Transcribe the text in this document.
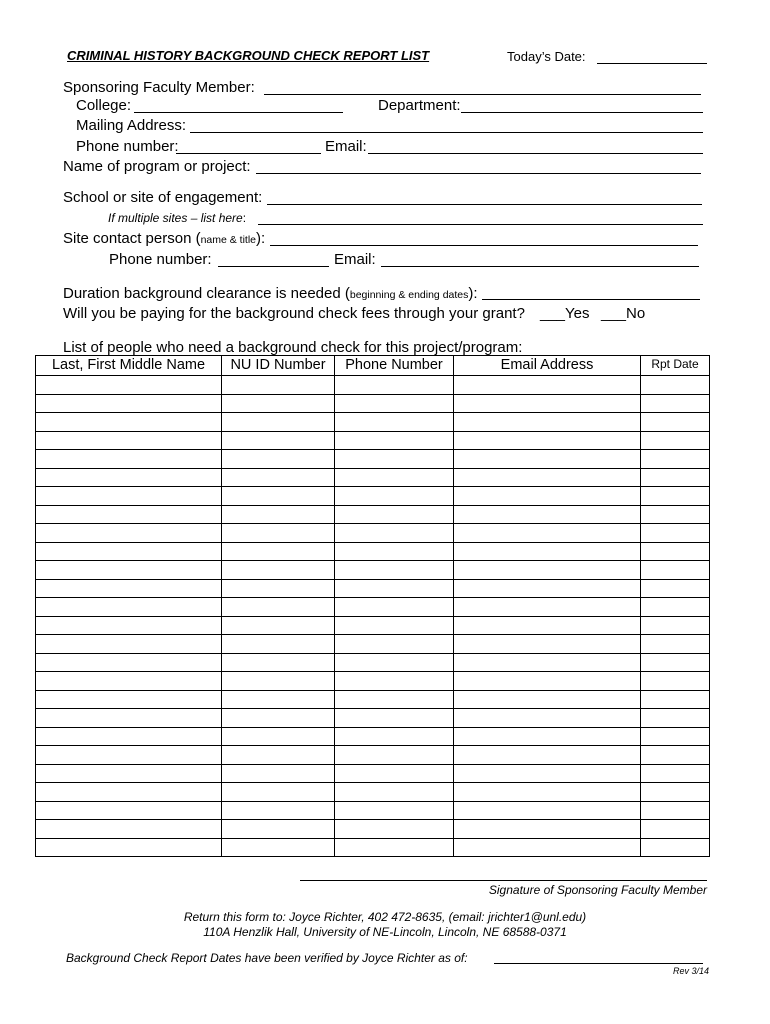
CRIMINAL HISTORY BACKGROUND CHECK REPORT LIST	Today’s Date:
Sponsoring Faculty Member:
College:	Department:
Mailing Address:
Phone number:	Email:
Name of program or project:
School or site of engagement:
If multiple sites – list here:
Site contact person (name & title):
Phone number:	Email:
Duration background clearance is needed (beginning & ending dates):
Will you be paying for the background check fees through your grant? ___Yes ___No
List of people who need a background check for this project/program:
Last, First Middle Name	NU ID Number	Phone Number	Email Address	Rpt Date

Signature of Sponsoring Faculty Member
Return this form to: Joyce Richter, 402 472-8635, (email: jrichter1@unl.edu)
110A Henzlik Hall, University of NE-Lincoln, Lincoln, NE 68588-0371
Background Check Report Dates have been verified by Joyce Richter as of:
Rev 3/14
